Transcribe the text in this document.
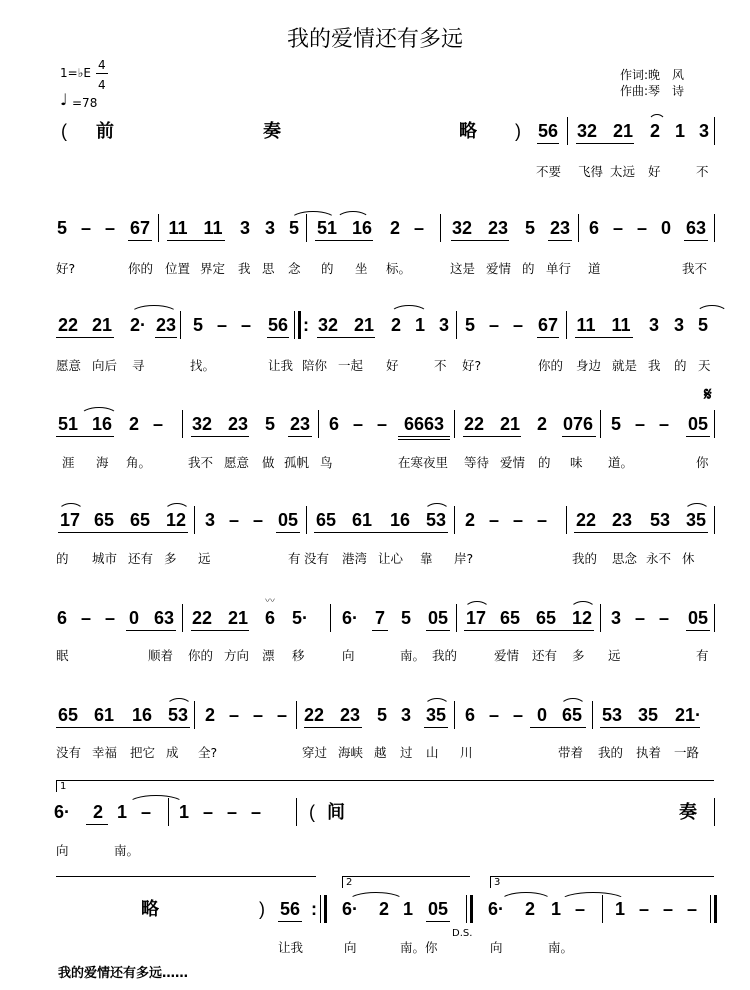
我的爱情还有多远
1=♭E
4
4
♩ =78
作词:晚　风
作曲:琴　诗
( 前	奏	略 ) 56 32 21 2 1 3
不要 飞得 太远 好	不
5 – – 67 11 11 3 3 5 51 16 2 – 32 23 5 23 6 – – 0 63
好?	你的 位置 界定 我 思 念 的 坐 标。	这是 爱情 的 单行 道	我不
22 21 2· 23 5 – – 56 : 32 21 2 1 3 5 – – 67 11 11 3 3 5
愿意 向后 寻	找。	让我 陪你 一起 好	不 好?	你的 身边 就是 我 的 天
51 16 2 – 32 23 5 23 6 – – 6663 22 21 2 076 5 – – 05
𝄋
涯 海 角。	我不 愿意 做 孤帆 鸟	在寒夜里 等待 爱情 的 味 道。	你
17 65 65 12 3 – – 05 65 61 16 53 2 – – – 22 23 53 35
的 城市 还有 多 远	有 没有 港湾 让心 靠 岸?	我的 思念 永不 休
6 – – 0 63 22 21 6 5· 6· 7 5 05 17 65 65 12 3 – – 05
〰
眠	顺着 你的 方向 漂 移	向	南。 我的	爱情 还有 多 远	有
65 61 16 53 2 – – – 22 23 5 3 35 6 – – 0 65 53 35 21·
没有 幸福 把它 成 全?	穿过 海峡 越 过 山 川	带着 我的 执着 一路
1
6· 2 1 – 1 – – –	( 间	奏
向	南。
略	) 56 :
2
6· 2 1 05
D.S.
3
6· 2 1 – 1 – – –
让我	向	南。你	向	南。
我的爱情还有多远……
